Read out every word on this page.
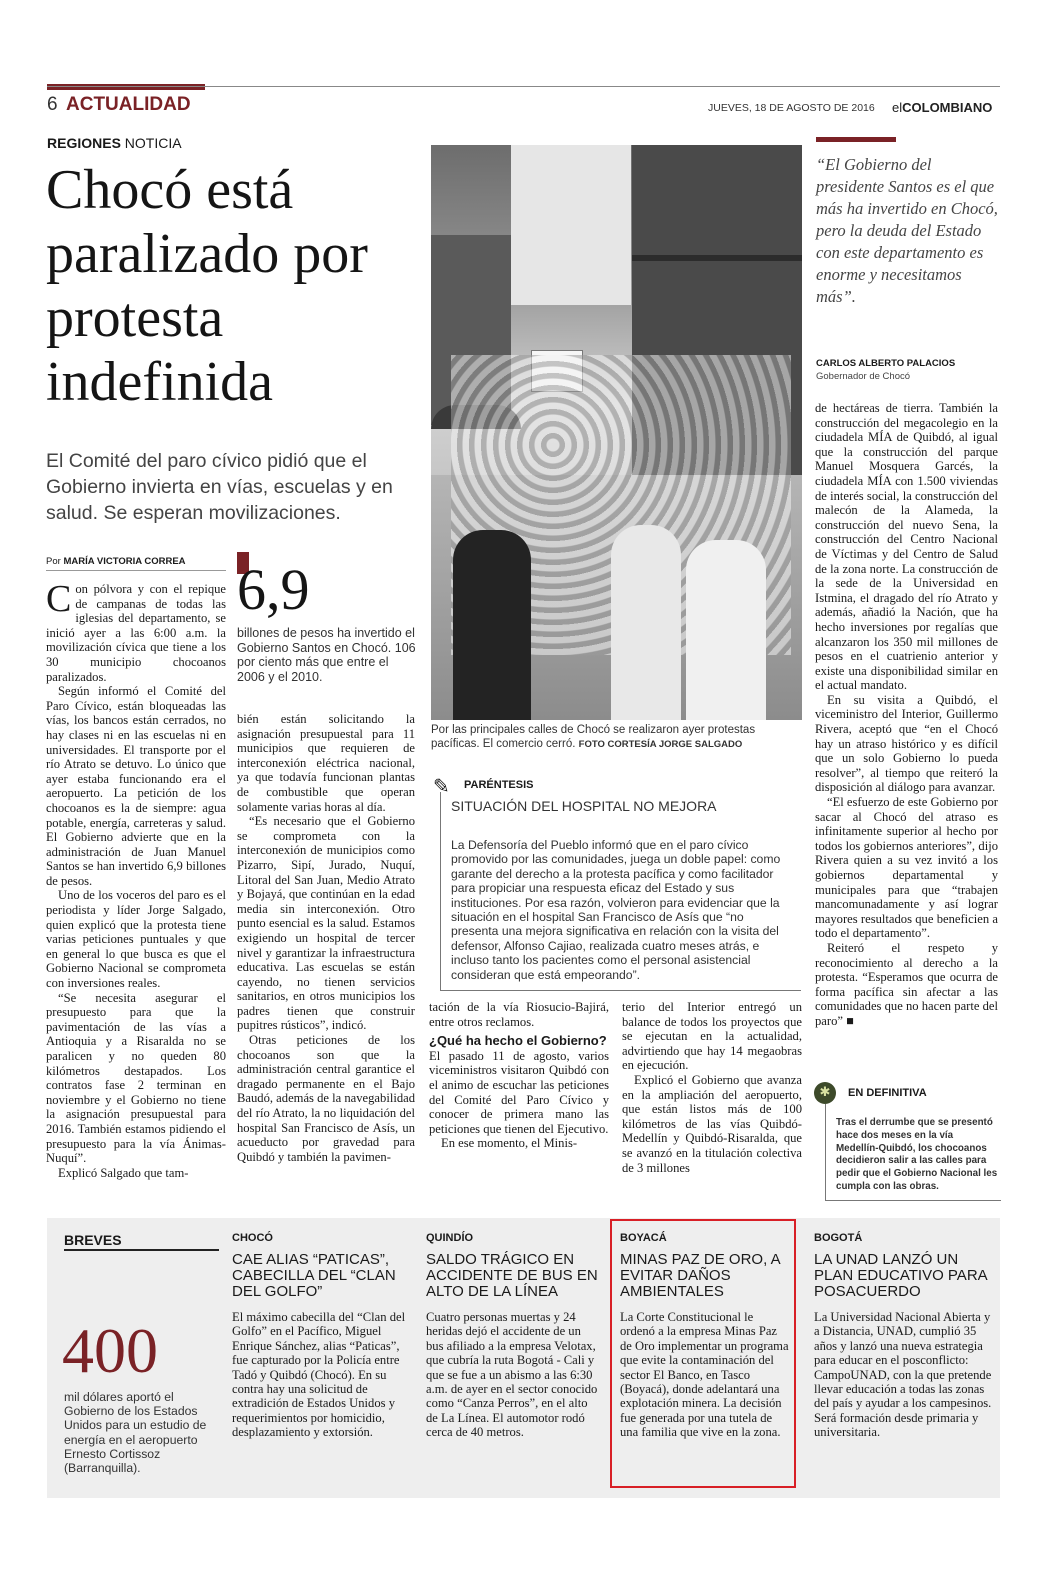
6 ACTUALIDAD	JUEVES, 18 DE AGOSTO DE 2016 elCOLOMBIANO
REGIONES NOTICIA
Chocó está paralizado por protesta indefinida
El Comité del paro cívico pidió que el Gobierno invierta en vías, escuelas y en salud. Se esperan movilizaciones.
Por MARÍA VICTORIA CORREA 6,9
billones de pesos ha invertido el Gobierno Santos en Chocó. 106 por ciento más que entre el 2006 y el 2010.

Con pólvora y con el repique de campanas de todas las iglesias del departamento, se inició ayer a las 6:00 a.m. la movilización cívica que tiene a los 30 municipio chocoanos paralizados.

Según informó el Comité del Paro Cívico, están bloqueadas las vías, los bancos están cerrados, no hay clases ni en las escuelas ni en universidades. El transporte por el río Atrato se detuvo. Lo único que ayer estaba funcionando era el aeropuerto. La petición de los chocoanos es la de siempre: agua potable, energía, carreteras y salud. El Gobierno advierte que en la administración de Juan Manuel Santos se han invertido 6,9 billones de pesos.

Uno de los voceros del paro es el periodista y líder Jorge Salgado, quien explicó que la protesta tiene varias peticiones puntuales y que en general lo que busca es que el Gobierno Nacional se comprometa con inversiones reales.

“Se necesita asegurar el presupuesto para que la pavimentación de las vías a Antioquia y a Risaralda no se paralicen y no queden 80 kilómetros destapados. Los contratos fase 2 terminan en noviembre y el Gobierno no tiene la asignación presupuestal para 2016. También estamos pidiendo el presupuesto para la vía Ánimas-Nuquí”.

Explicó Salgado que tam-

bién están solicitando la asignación presupuestal para 11 municipios que requieren de interconexión eléctrica nacional, ya que todavía funcionan plantas de combustible que operan solamente varias horas al día.

“Es necesario que el Gobierno se comprometa con la interconexión de municipios como Pizarro, Sipí, Jurado, Nuquí, Litoral del San Juan, Medio Atrato y Bojayá, que continúan en la edad media sin interconexión. Otro punto esencial es la salud. Estamos exigiendo un hospital de tercer nivel y garantizar la infraestructura educativa. Las escuelas se están cayendo, no tienen servicios sanitarios, en otros municipios los padres tienen que construir pupitres rústicos”, indicó.

Otras peticiones de los chocoanos son que la administración central garantice el dragado permanente en el Bajo Baudó, además de la navegabilidad del río Atrato, la no liquidación del hospital San Francisco de Asís, un acueducto por gravedad para Quibdó y también la pavimen-

Por las principales calles de Chocó se realizaron ayer protestas pacíficas. El comercio cerró. FOTO CORTESÍA JORGE SALGADO
“El Gobierno del presidente Santos es el que más ha invertido en Chocó, pero la deuda del Estado con este departamento es enorme y necesitamos más”.
CARLOS ALBERTO PALACIOS
Gobernador de Chocó

de hectáreas de tierra. También la construcción del megacolegio en la ciudadela MÍA de Quibdó, al igual que la construcción del parque Manuel Mosquera Garcés, la ciudadela MÍA con 1.500 viviendas de interés social, la construcción del malecón de la Alameda, la construcción del nuevo Sena, la construcción del Centro Nacional de Víctimas y del Centro de Salud de la zona norte. La construcción de la sede de la Universidad en Istmina, el dragado del río Atrato y además, añadió la Nación, que ha hecho inversiones por regalías que alcanzaron los 350 mil millones de pesos en el cuatrienio anterior y existe una disponibilidad similar en el actual mandato.

En su visita a Quibdó, el viceministro del Interior, Guillermo Rivera, aceptó que “en el Chocó hay un atraso histórico y es difícil que un solo Gobierno lo pueda resolver”, al tiempo que reiteró la disposición al diálogo para avanzar.

“El esfuerzo de este Gobierno por sacar al Chocó del atraso es infinitamente superior al hecho por todos los gobiernos anteriores”, dijo Rivera quien a su vez invitó a los gobiernos departamental y municipales para que “trabajen mancomunadamente y así lograr mayores resultados que beneficien a todo el departamento”.

Reiteró el respeto y reconocimiento al derecho a la protesta. “Esperamos que ocurra de forma pacífica sin afectar a las comunidades que no hacen parte del paro” ■

✎ PARÉNTESIS
SITUACIÓN DEL HOSPITAL NO MEJORA
La Defensoría del Pueblo informó que en el paro cívico promovido por las comunidades, juega un doble papel: como garante del derecho a la protesta pacífica y como facilitador para propiciar una respuesta eficaz del Estado y sus instituciones. Por esa razón, volvieron para evidenciar que la situación en el hospital San Francisco de Asís que “no presenta una mejora significativa en relación con la visita del defensor, Alfonso Cajiao, realizada cuatro meses atrás, e incluso tanto los pacientes como el personal asistencial consideran que está empeorando”.

tación de la vía Riosucio-Bajirá, entre otros reclamos.

¿Qué ha hecho el Gobierno?

El pasado 11 de agosto, varios viceministros visitaron Quibdó con el animo de escuchar las peticiones del Comité del Paro Cívico y conocer de primera mano las peticiones que tienen del Ejecutivo.

En ese momento, el Minis-

terio del Interior entregó un balance de todos los proyectos que se ejecutan en la actualidad, advirtiendo que hay 14 megaobras en ejecución.

Explicó el Gobierno que avanza en la ampliación del aeropuerto, que están listos más de 100 kilómetros de las vías Quibdó-Medellín y Quibdó-Risaralda, que se avanzó en la titulación colectiva de 3 millones

✱	EN DEFINITIVA
Tras el derrumbe que se presentó hace dos meses en la vía Medellín-Quibdó, los chocoanos decidieron salir a las calles para pedir que el Gobierno Nacional les cumpla con las obras.
BREVES
400
mil dólares aportó el Gobierno de los Estados Unidos para un estudio de energía en el aeropuerto Ernesto Cortissoz (Barranquilla).
CHOCÓ
CAE ALIAS “PATICAS”, CABECILLA DEL “CLAN DEL GOLFO”
El máximo cabecilla del “Clan del Golfo” en el Pacífico, Miguel Enrique Sánchez, alias “Paticas”, fue capturado por la Policía entre Tadó y Quibdó (Chocó). En su contra hay una solicitud de extradición de Estados Unidos y requerimientos por homicidio, desplazamiento y extorsión.
QUINDÍO
SALDO TRÁGICO EN ACCIDENTE DE BUS EN ALTO DE LA LÍNEA
Cuatro personas muertas y 24 heridas dejó el accidente de un bus afiliado a la empresa Velotax, que cubría la ruta Bogotá - Cali y que se fue a un abismo a las 6:30 a.m. de ayer en el sector conocido como “Canza Perros”, en el alto de La Línea. El automotor rodó cerca de 40 metros.
BOYACÁ
MINAS PAZ DE ORO, A EVITAR DAÑOS AMBIENTALES
La Corte Constitucional le ordenó a la empresa Minas Paz de Oro implementar un programa que evite la contaminación del sector El Banco, en Tasco (Boyacá), donde adelantará una explotación minera. La decisión fue generada por una tutela de una familia que vive en la zona.
BOGOTÁ
LA UNAD LANZÓ UN PLAN EDUCATIVO PARA POSACUERDO
La Universidad Nacional Abierta y a Distancia, UNAD, cumplió 35 años y lanzó una nueva estrategia para educar en el posconflicto: CampoUNAD, con la que pretende llevar educación a todas las zonas del país y ayudar a los campesinos. Será formación desde primaria y universitaria.
